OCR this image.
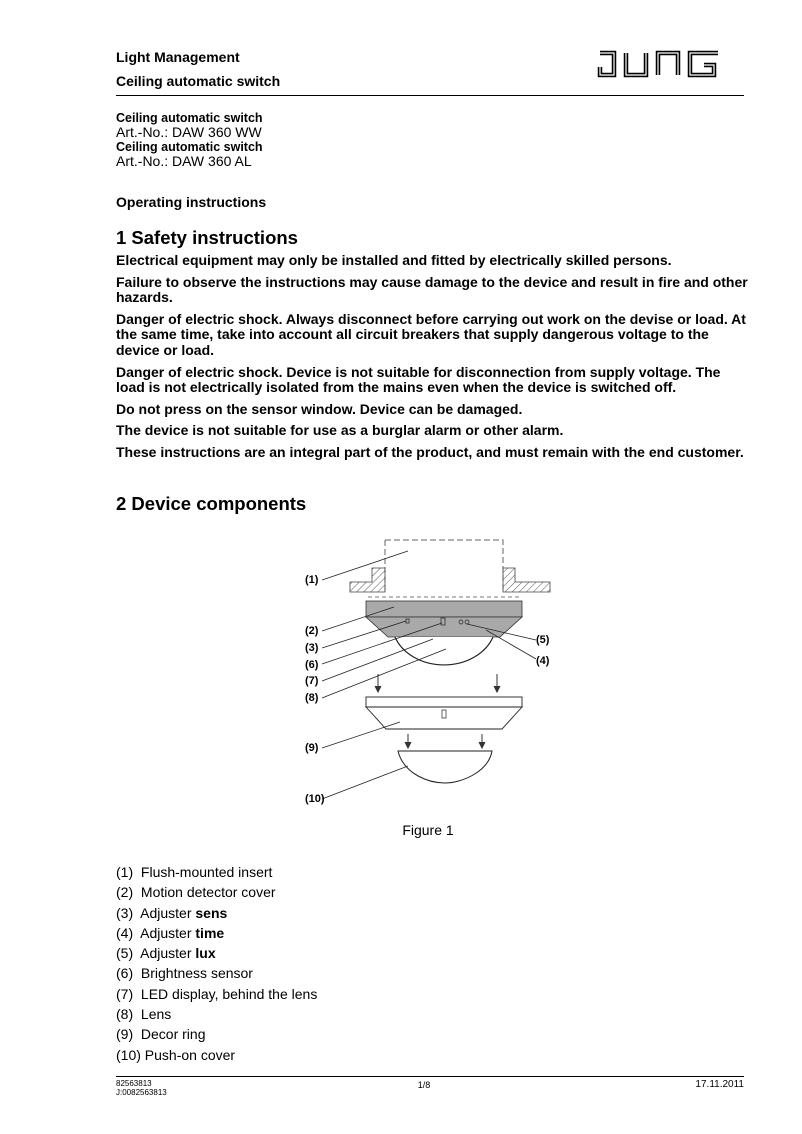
Light Management
Ceiling automatic switch
Ceiling automatic switch
Art.-No.: DAW 360 WW
Ceiling automatic switch
Art.-No.: DAW 360 AL
Operating instructions
1 Safety instructions

Electrical equipment may only be installed and fitted by electrically skilled persons.

Failure to observe the instructions may cause damage to the device and result in fire and other hazards.

Danger of electric shock. Always disconnect before carrying out work on the devise or load. At the same time, take into account all circuit breakers that supply dangerous voltage to the device or load.

Danger of electric shock. Device is not suitable for disconnection from supply voltage. The load is not electrically isolated from the mains even when the device is switched off.

Do not press on the sensor window. Device can be damaged.

The device is not suitable for use as a burglar alarm or other alarm.

These instructions are an integral part of the product, and must remain with the end customer.

2 Device components
(1)
(2)
(3)
(6)
(7)
(8)
(5)
(4)
(9)
(10)
Figure 1
(1) Flush-mounted insert
(2) Motion detector cover
(3) Adjuster sens
(4) Adjuster time
(5) Adjuster lux
(6) Brightness sensor
(7) LED display, behind the lens
(8) Lens
(9) Decor ring
(10) Push-on cover
82563813
J:0082563813
1/8	17.11.2011
